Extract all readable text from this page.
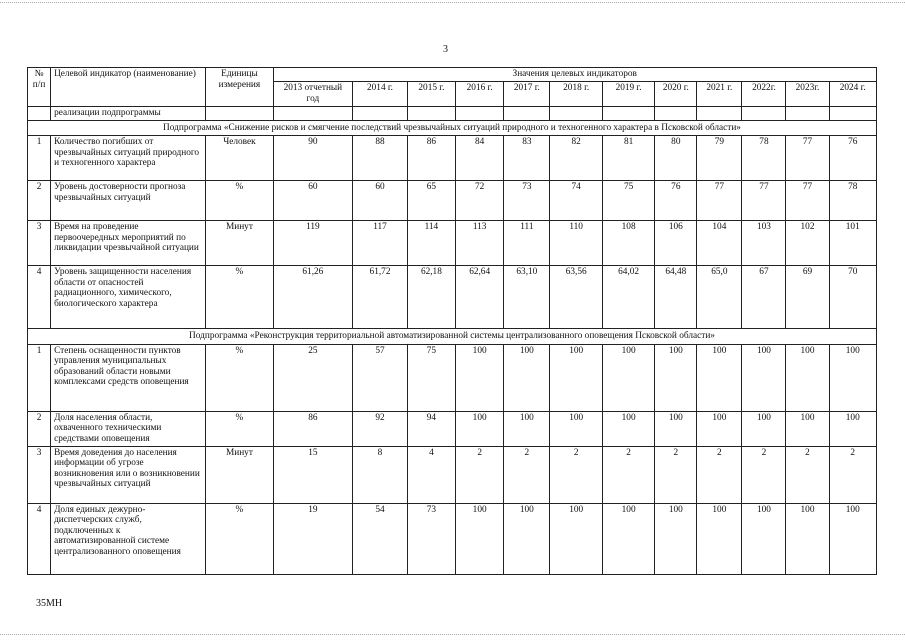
3
№ п/п	Целевой индикатор (наименование)	Единицы измерения	Значения целевых индикаторов											
			2013 отчетный год	2014 г.	2015 г.	2016 г.	2017 г.	2018 г.	2019 г.	2020 г.	2021 г.	2022г.	2023г.	2024 г.
	реализации подпрограммы													
Подпрограмма «Снижение рисков и смягчение последствий чрезвычайных ситуаций природного и техногенного характера в Псковской области»														
1	Количество погибших от чрезвычайных ситуаций природного и техногенного характера	Человек	90	88	86	84	83	82	81	80	79	78	77	76
2	Уровень достоверности прогноза чрезвычайных ситуаций	%	60	60	65	72	73	74	75	76	77	77	77	78
3	Время на проведение первоочередных мероприятий по ликвидации чрезвычайной ситуации	Минут	119	117	114	113	111	110	108	106	104	103	102	101
4	Уровень защищенности населения области от опасностей радиационного, химического, биологического характера	%	61,26	61,72	62,18	62,64	63,10	63,56	64,02	64,48	65,0	67	69	70
Подпрограмма «Реконструкция территориальной автоматизированной системы централизованного оповещения Псковской области»														
1	Степень оснащенности пунктов управления муниципальных образований области новыми комплексами средств оповещения	%	25	57	75	100	100	100	100	100	100	100	100	100
2	Доля населения области, охваченного техническими средствами оповещения	%	86	92	94	100	100	100	100	100	100	100	100	100
3	Время доведения до населения информации об угрозе возникновения или о возникновении чрезвычайных ситуаций	Минут	15	8	4	2	2	2	2	2	2	2	2	2
4	Доля единых дежурно-диспетчерских служб, подключенных к автоматизированной системе централизованного оповещения	%	19	54	73	100	100	100	100	100	100	100	100	100
35МН
